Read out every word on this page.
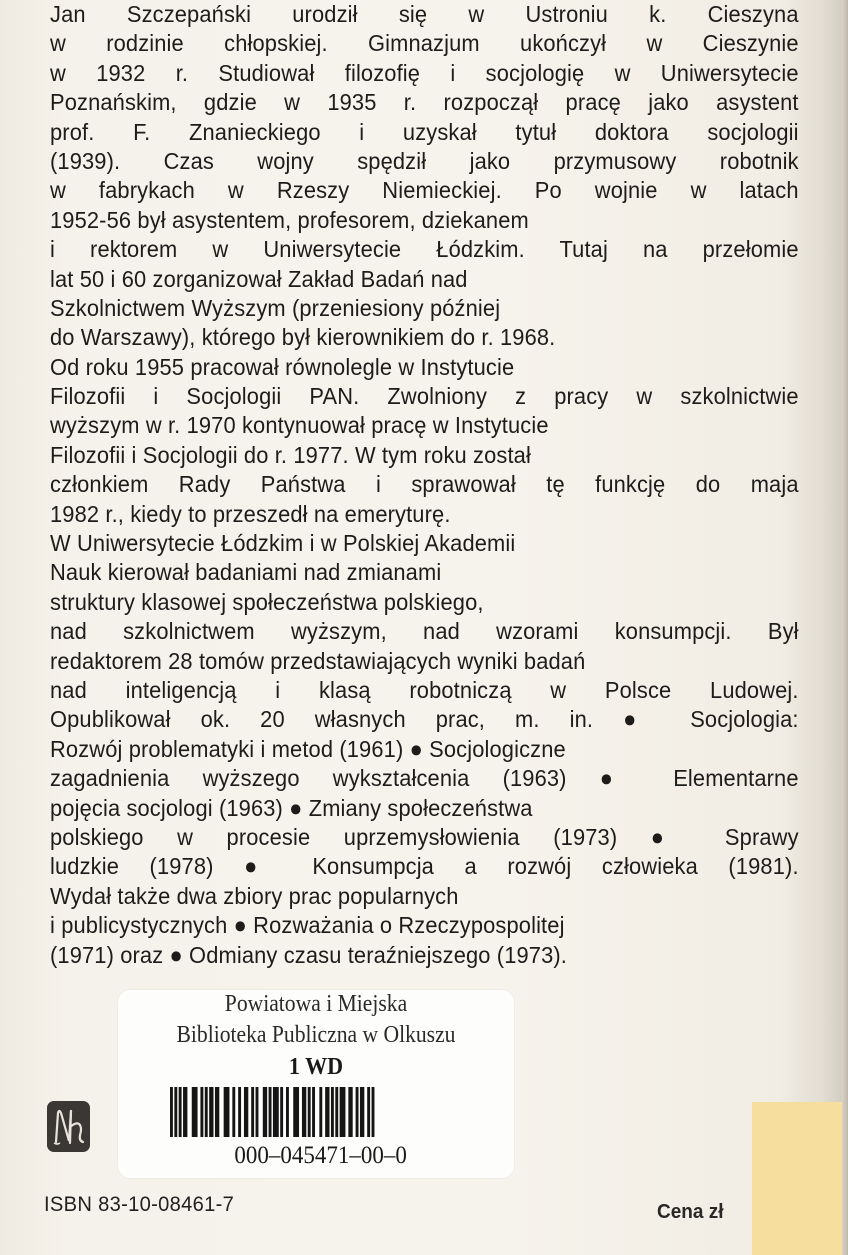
Jan Szczepański urodził się w Ustroniu k. Cieszyna
w rodzinie chłopskiej. Gimnazjum ukończył w Cieszynie
w 1932 r. Studiował filozofię i socjologię w Uniwersytecie
Poznańskim, gdzie w 1935 r. rozpoczął pracę jako asystent
prof. F. Znanieckiego i uzyskał tytuł doktora socjologii
(1939). Czas wojny spędził jako przymusowy robotnik
w fabrykach w Rzeszy Niemieckiej. Po wojnie w latach
1952-56 był asystentem, profesorem, dziekanem
i rektorem w Uniwersytecie Łódzkim. Tutaj na przełomie
lat 50 i 60 zorganizował Zakład Badań nad
Szkolnictwem Wyższym (przeniesiony później
do Warszawy), którego był kierownikiem do r. 1968.
Od roku 1955 pracował równolegle w Instytucie
Filozofii i Socjologii PAN. Zwolniony z pracy w szkolnictwie
wyższym w r. 1970 kontynuował pracę w Instytucie
Filozofii i Socjologii do r. 1977. W tym roku został
członkiem Rady Państwa i sprawował tę funkcję do maja
1982 r., kiedy to przeszedł na emeryturę.
W Uniwersytecie Łódzkim i w Polskiej Akademii
Nauk kierował badaniami nad zmianami
struktury klasowej społeczeństwa polskiego,
nad szkolnictwem wyższym, nad wzorami konsumpcji. Był
redaktorem 28 tomów przedstawiających wyniki badań
nad inteligencją i klasą robotniczą w Polsce Ludowej.
Opublikował ok. 20 własnych prac, m. in. ● Socjologia:
Rozwój problematyki i metod (1961) ● Socjologiczne
zagadnienia wyższego wykształcenia (1963) ● Elementarne
pojęcia socjologi (1963) ● Zmiany społeczeństwa
polskiego w procesie uprzemysłowienia (1973) ● Sprawy
ludzkie (1978) ● Konsumpcja a rozwój człowieka (1981).
Wydał także dwa zbiory prac popularnych
i publicystycznych ● Rozważania o Rzeczypospolitej
(1971) oraz ● Odmiany czasu teraźniejszego (1973).
Powiatowa i Miejska
Biblioteka Publiczna w Olkuszu
1 WD
000–045471–00–0
ISBN 83-10-08461-7	Cena zł
